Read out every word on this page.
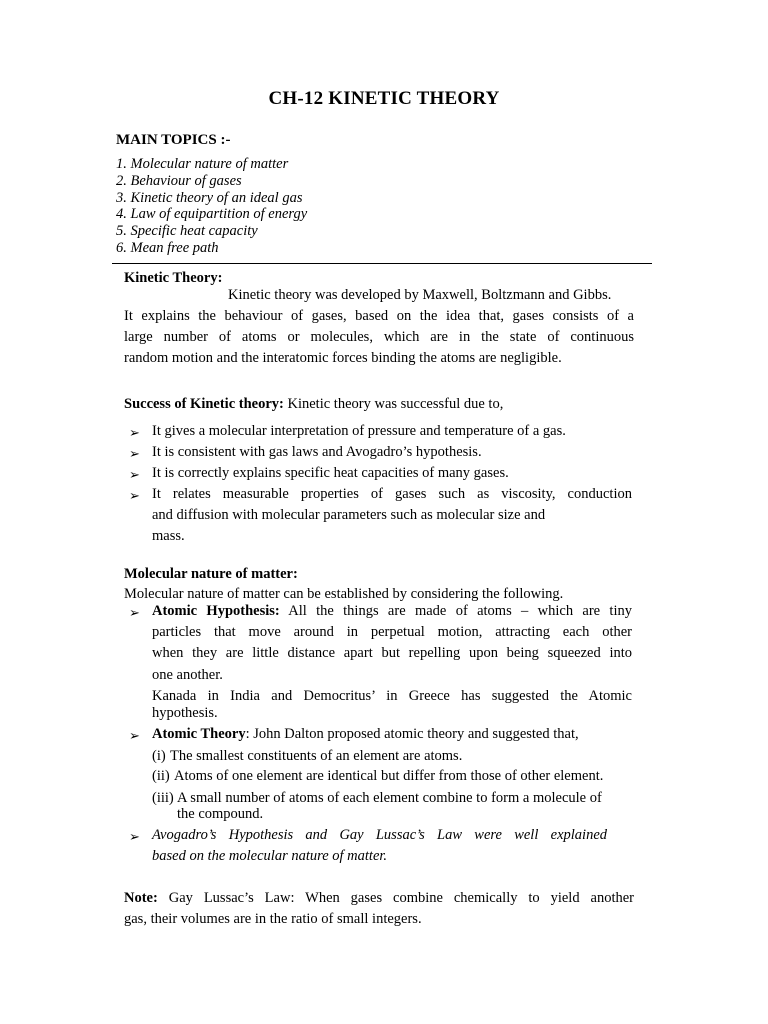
CH-12 KINETIC THEORY
MAIN TOPICS :-
1. Molecular nature of matter
2. Behaviour of gases
3. Kinetic theory of an ideal gas
4. Law of equipartition of energy
5. Specific heat capacity
6. Mean free path
Kinetic Theory:
Kinetic theory was developed by Maxwell, Boltzmann and Gibbs.
It explains the behaviour of gases, based on the idea that, gases consists of a
large number of atoms or molecules, which are in the state of continuous
random motion and the interatomic forces binding the atoms are negligible.
Success of Kinetic theory: Kinetic theory was successful due to,
➢ It gives a molecular interpretation of pressure and temperature of a gas.
➢ It is consistent with gas laws and Avogadro’s hypothesis.
➢ It is correctly explains specific heat capacities of many gases.
➢ It relates measurable properties of gases such as viscosity, conduction
and diffusion with molecular parameters such as molecular size and
mass.
Molecular nature of matter:
Molecular nature of matter can be established by considering the following.
➢ Atomic Hypothesis: All the things are made of atoms – which are tiny
particles that move around in perpetual motion, attracting each other
when they are little distance apart but repelling upon being squeezed into
one another.
Kanada in India and Democritus’ in Greece has suggested the Atomic
hypothesis.
➢ Atomic Theory: John Dalton proposed atomic theory and suggested that,
(i) The smallest constituents of an element are atoms.
(ii) Atoms of one element are identical but differ from those of other element.
(iii) A small number of atoms of each element combine to form a molecule of
the compound.
➢ Avogadro’s Hypothesis and Gay Lussac’s Law were well explained
based on the molecular nature of matter.
Note: Gay Lussac’s Law: When gases combine chemically to yield another
gas, their volumes are in the ratio of small integers.
